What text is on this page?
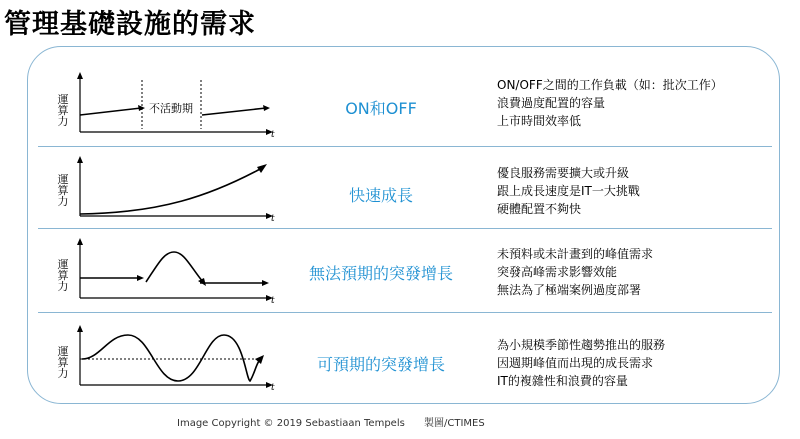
管理基礎設施的需求
運算力
t
不活動期	ON和OFF
ON/OFF之間的工作負載（如：批次工作）
浪費過度配置的容量
上市時間效率低
運算力
t
快速成長
優良服務需要擴大或升級
跟上成長速度是IT一大挑戰
硬體配置不夠快
運算力
t
無法預期的突發增長
未預料或未計畫到的峰值需求
突發高峰需求影響效能
無法為了極端案例過度部署
運算力
t
可預期的突發增長
為小規模季節性趨勢推出的服務
因週期峰值而出現的成長需求
IT的複雜性和浪費的容量
Image Copyright © 2019 Sebastiaan Tempels 製圖/CTIMES
